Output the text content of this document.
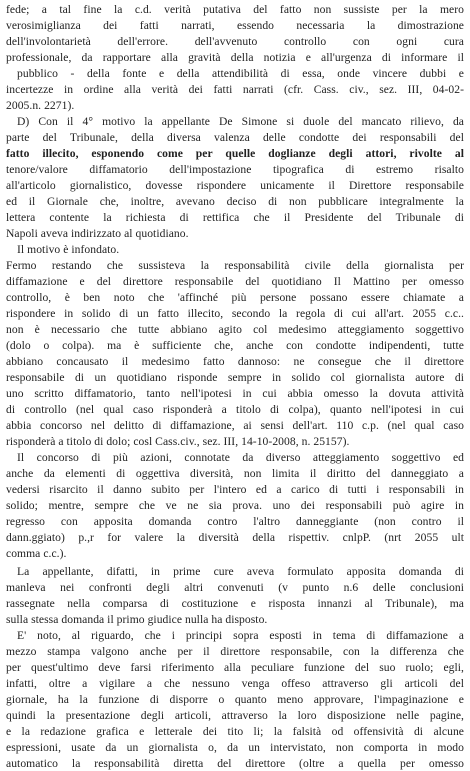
fede; a tal fine la c.d. verità putativa del fatto non sussiste per la mero
verosimiglianza dei fatti narrati, essendo necessaria la dimostrazione
dell'involontarietà dell'errore. dell'avvenuto controllo con ogni cura
professionale, da rapportare alla gravità della notizia e all'urgenza di informare il
pubblico - della fonte e della attendibilità di essa, onde vincere dubbi e
incertezze in ordine alla verità dei fatti narrati (cfr. Cass. civ., sez. III, 04-02-
2005.n. 2271).
D) Con il 4° motivo la appellante De Simone si duole del mancato rilievo, da
parte del Tribunale, della diversa valenza delle condotte dei responsabili del
fatto illecito, esponendo come per quelle doglianze degli attori, rivolte al
tenore/valore diffamatorio dell'impostazione tipografica di estremo risalto
all'articolo giornalistico, dovesse rispondere unicamente il Direttore responsabile
ed il Giornale che, inoltre, avevano deciso di non pubblicare integralmente la
lettera contente la richiesta di rettifica che il Presidente del Tribunale di
Napoli aveva indirizzato al quotidiano.
Il motivo è infondato.
Fermo restando che sussisteva la responsabilità civile della giornalista per
diffamazione e del direttore responsabile del quotidiano Il Mattino per omesso
controllo, è ben noto che 'affinché più persone possano essere chiamate a
rispondere in solido di un fatto illecito, secondo la regola di cui all'art. 2055 c.c..
non è necessario che tutte abbiano agito col medesimo atteggiamento soggettivo
(dolo o colpa). ma è sufficiente che, anche con condotte indipendenti, tutte
abbiano concausato il medesimo fatto dannoso: ne consegue che il direttore
responsabile di un quotidiano risponde sempre in solido col giornalista autore di
uno scritto diffamatorio, tanto nell'ipotesi in cui abbia omesso la dovuta attività
di controllo (nel qual caso risponderà a titolo di colpa), quanto nell'ipotesi in cui
abbia concorso nel delitto di diffamazione, ai sensi dell'art. 110 c.p. (nel qual caso
risponderà a titolo di dolo; cosl Cass.civ., sez. III, 14-10-2008, n. 25157).
Il concorso di più azioni, connotate da diverso atteggiamento soggettivo ed
anche da elementi di oggettiva diversità, non limita il diritto del danneggiato a
vedersi risarcito il danno subito per l'intero ed a carico di tutti i responsabili in
solido; mentre, sempre che ve ne sia prova. uno dei responsabili può agire in
regresso con apposita domanda contro l'altro danneggiante (non contro il
dann.ggiato) p.,r for valere la diversità della rispettiv. cnlpP. (nrt 2055 ult
comma c.c.).
La appellante, difatti, in prime cure aveva formulato apposita domanda di
manleva nei confronti degli altri convenuti (v punto n.6 delle conclusioni
rassegnate nella comparsa di costituzione e risposta innanzi al Tribunale), ma
sulla stessa domanda il primo giudice nulla ha disposto.
E' noto, al riguardo, che i principi sopra esposti in tema di diffamazione a
mezzo stampa valgono anche per il direttore responsabile, con la differenza che
per quest'ultimo deve farsi riferimento alla peculiare funzione del suo ruolo; egli,
infatti, oltre a vigilare a che nessuno venga offeso attraverso gli articoli del
giornale, ha la funzione di disporre o quanto meno approvare, l'impaginazione e
quindi la presentazione degli articoli, attraverso la loro disposizione nelle pagine,
e la redazione grafica e letterale dei tito li; la falsità od offensività di alcune
espressioni, usate da un giornalista o, da un intervistato, non comporta in modo
automatico la responsabilità diretta del direttore (oltre a quella per omesso
